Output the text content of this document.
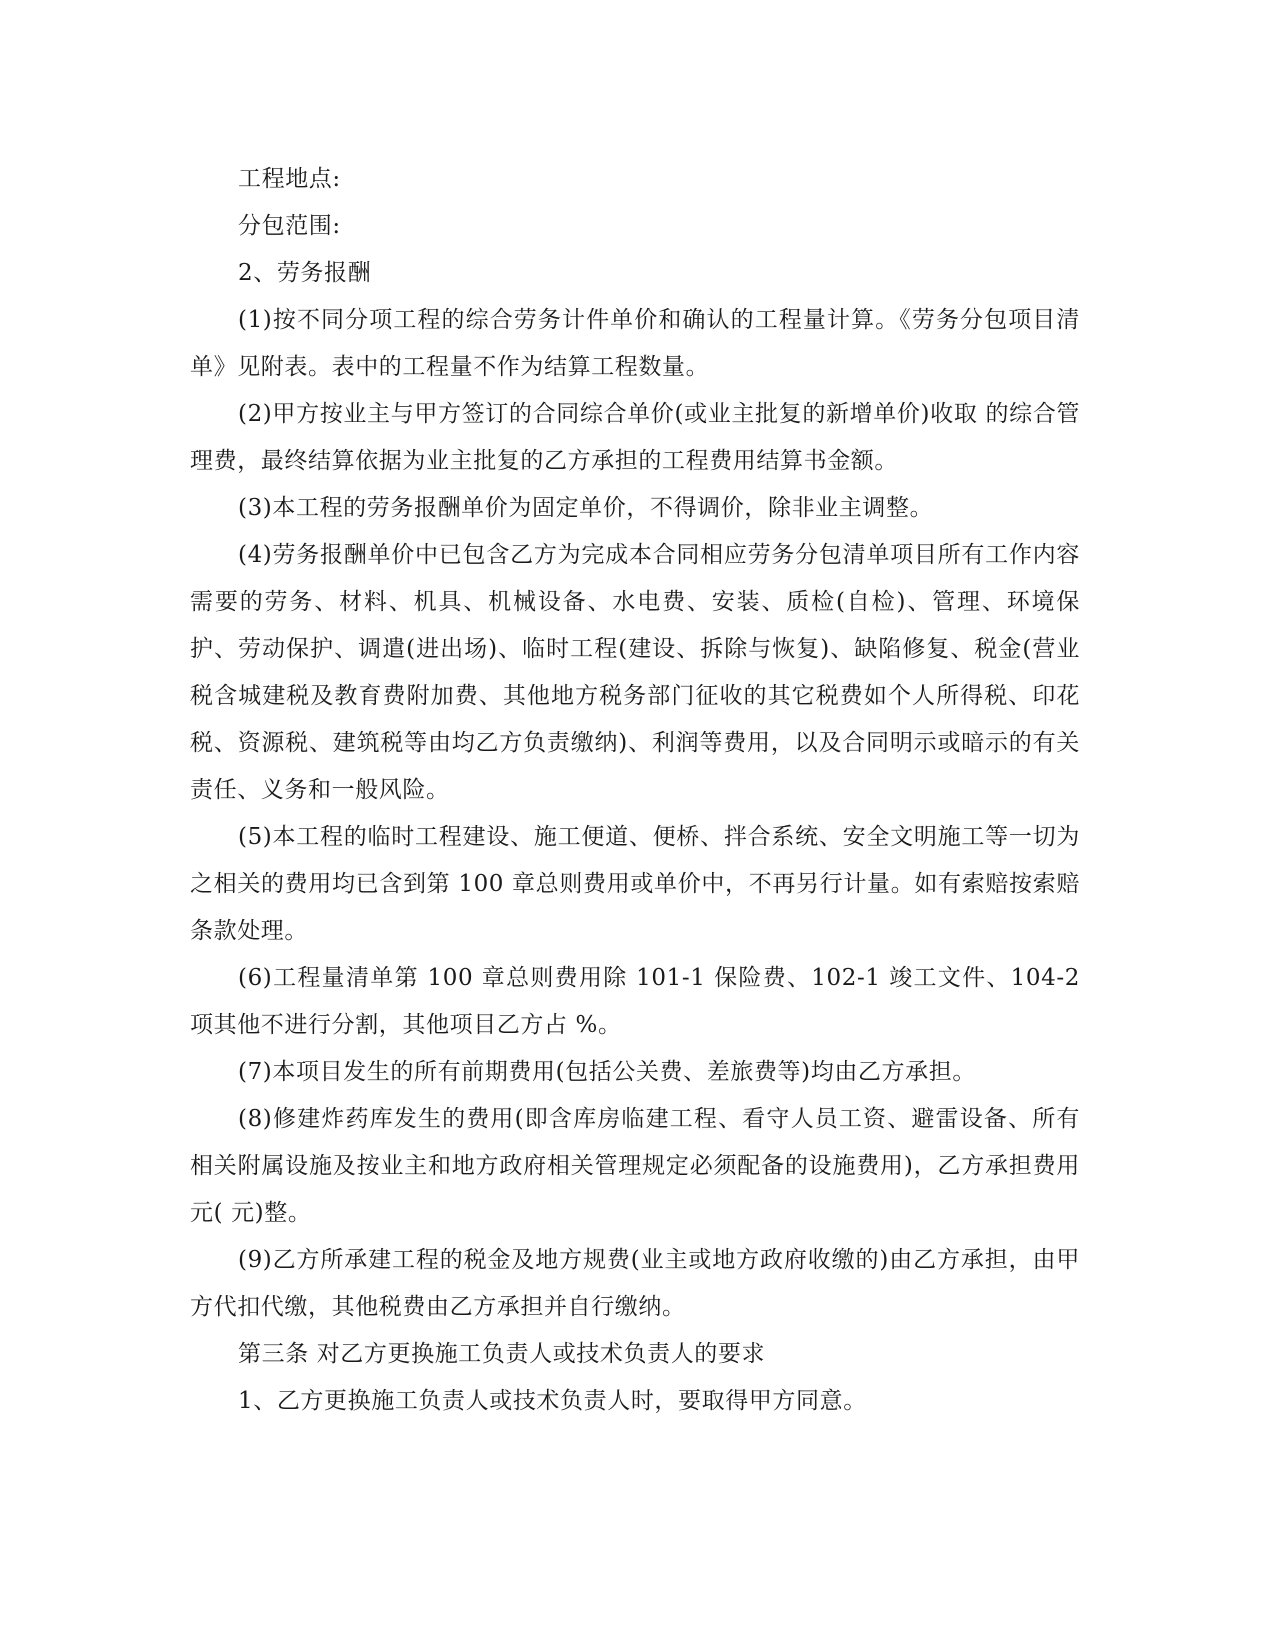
工程地点:

分包范围:

2、劳务报酬

(1)按不同分项工程的综合劳务计件单价和确认的工程量计算。《劳务分包项目清单》见附表。表中的工程量不作为结算工程数量。

(2)甲方按业主与甲方签订的合同综合单价(或业主批复的新增单价)收取 的综合管理费，最终结算依据为业主批复的乙方承担的工程费用结算书金额。

(3)本工程的劳务报酬单价为固定单价，不得调价，除非业主调整。

(4)劳务报酬单价中已包含乙方为完成本合同相应劳务分包清单项目所有工作内容需要的劳务、材料、机具、机械设备、水电费、安装、质检(自检)、管理、环境保护、劳动保护、调遣(进出场)、临时工程(建设、拆除与恢复)、缺陷修复、税金(营业税含城建税及教育费附加费、其他地方税务部门征收的其它税费如个人所得税、印花税、资源税、建筑税等由均乙方负责缴纳)、利润等费用，以及合同明示或暗示的有关责任、义务和一般风险。

(5)本工程的临时工程建设、施工便道、便桥、拌合系统、安全文明施工等一切为之相关的费用均已含到第 100 章总则费用或单价中，不再另行计量。如有索赔按索赔条款处理。

(6)工程量清单第 100 章总则费用除 101-1 保险费、102-1 竣工文件、104-2 项其他不进行分割，其他项目乙方占 %。

(7)本项目发生的所有前期费用(包括公关费、差旅费等)均由乙方承担。

(8)修建炸药库发生的费用(即含库房临建工程、看守人员工资、避雷设备、所有相关附属设施及按业主和地方政府相关管理规定必须配备的设施费用)，乙方承担费用 元( 元)整。

(9)乙方所承建工程的税金及地方规费(业主或地方政府收缴的)由乙方承担，由甲方代扣代缴，其他税费由乙方承担并自行缴纳。

第三条 对乙方更换施工负责人或技术负责人的要求

1、乙方更换施工负责人或技术负责人时，要取得甲方同意。
